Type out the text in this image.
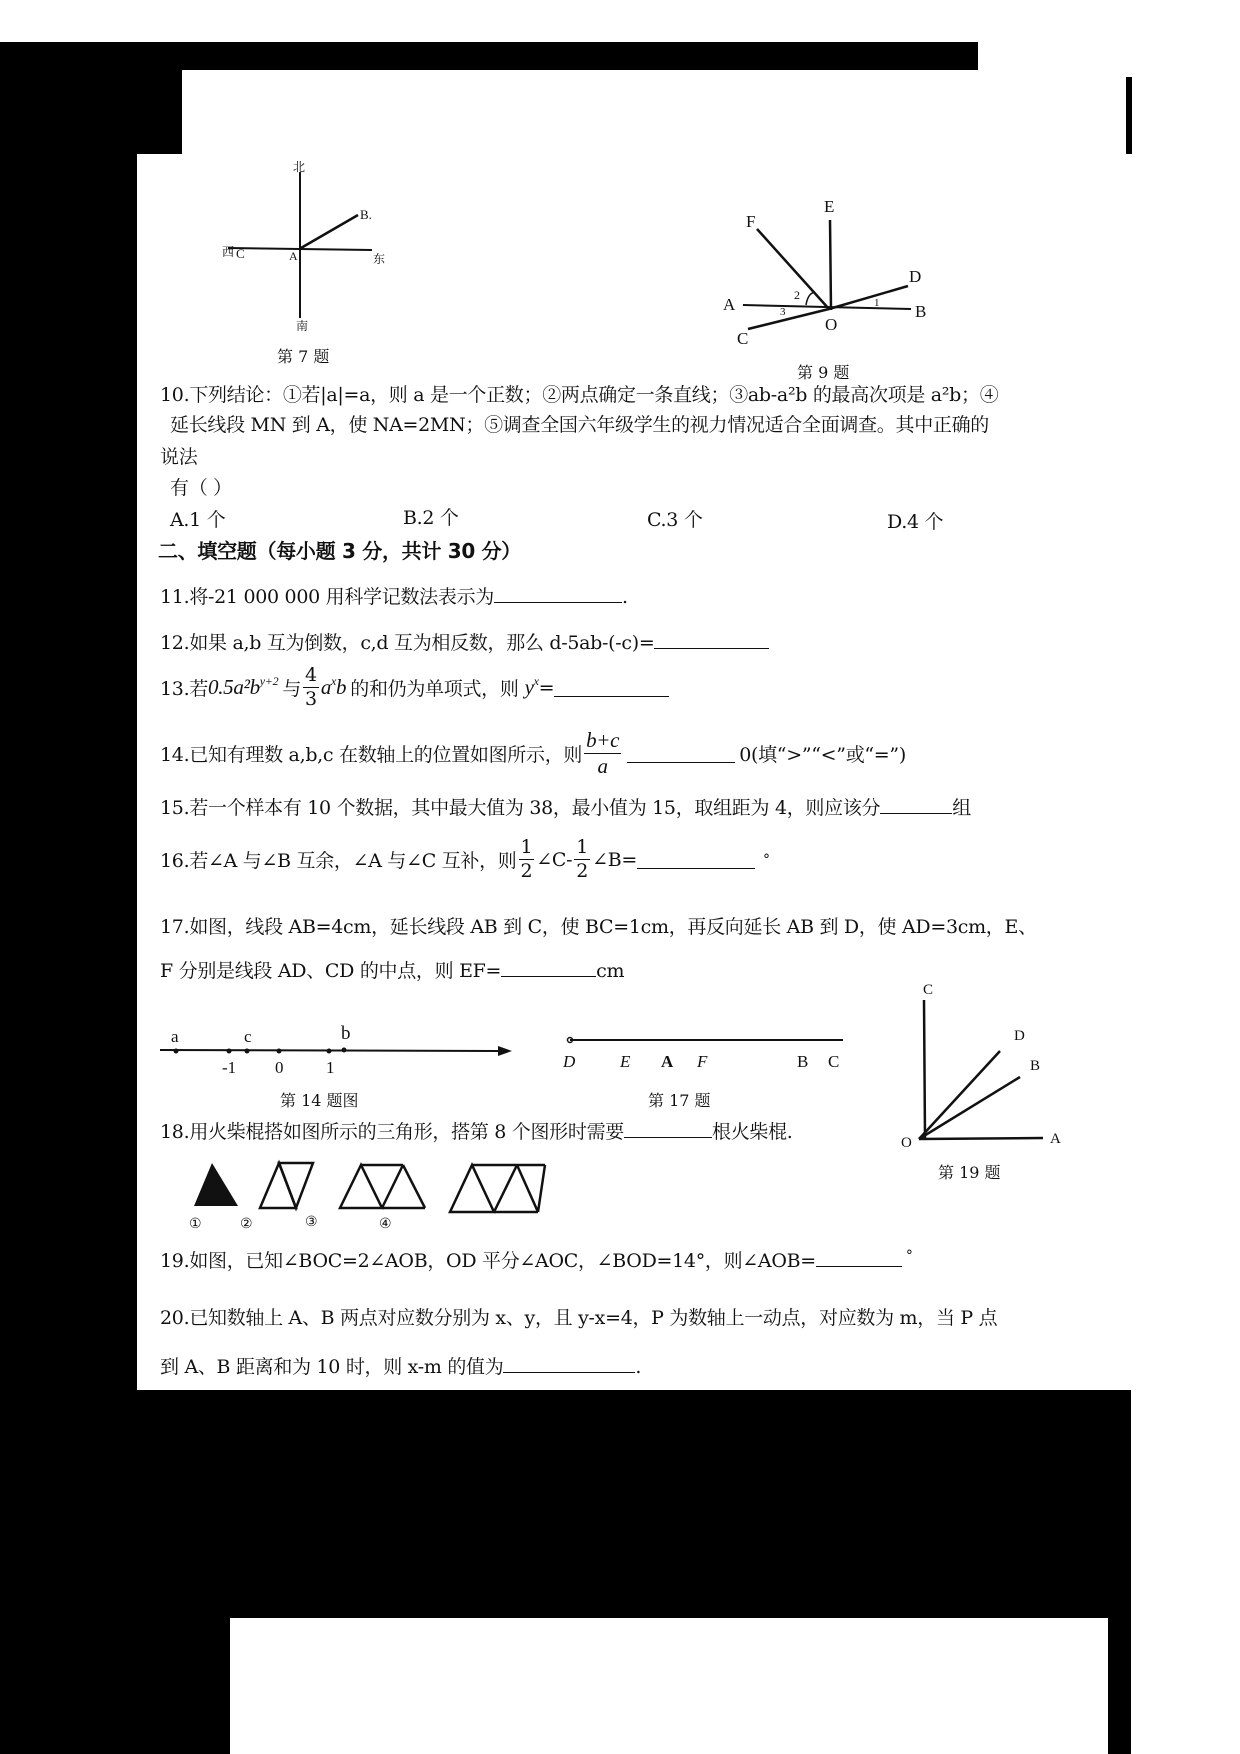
北
B.
西 C	A	东
南
第 7 题
E
F
D
2
A	1
3	B
O
C
第 9 题
10.下列结论：①若|a|=a，则 a 是一个正数；②两点确定一条直线；③ab-a²b 的最高次项是 a²b；④
延长线段 MN 到 A，使 NA=2MN；⑤调查全国六年级学生的视力情况适合全面调查。其中正确的
说法
有（ ）
A.1 个	B.2 个	C.3 个	D.4 个
二、填空题（每小题 3 分，共计 30 分）
11.将-21 000 000 用科学记数法表示为	.
12.如果 a,b 互为倒数，c,d 互为相反数，那么 d-5ab-(-c)=
13.若 $0.5a^2b^{y+2}$ 与 $\frac{4}{3} a^x$ b 的和仍为单项式，则 $y^x$ =
14.已知有理数 a,b,c 在数轴上的位置如图所示，则 $\frac{b+c}{a}$	0(填“>”“<”或“=”)
15.若一个样本有 10 个数据，其中最大值为 38，最小值为 15，取组距为 4，则应该分	组
16.若∠A 与∠B 互余，∠A 与∠C 互补，则 $\frac{1}{2}$ ∠C- $\frac{1}{2}$ ∠B=	°
17.如图，线段 AB=4cm，延长线段 AB 到 C，使 BC=1cm，再反向延长 AB 到 D，使 AD=3cm，E、
F 分别是线段 AD、CD 的中点，则 EF=	cm
a	c	b
-1 0	1
第 14 题图
D	E A F	B C
第 17 题
C
D
B
O	A
第 19 题
18.用火柴棍搭如图所示的三角形，搭第 8 个图形时需要	根火柴棍.
①	②	③	④
19.如图，已知∠BOC=2∠AOB，OD 平分∠AOC，∠BOD=14°，则∠AOB=	°
20.已知数轴上 A、B 两点对应数分别为 x、y，且 y-x=4，P 为数轴上一动点，对应数为 m，当 P 点
到 A、B 距离和为 10 时，则 x-m 的值为	.
